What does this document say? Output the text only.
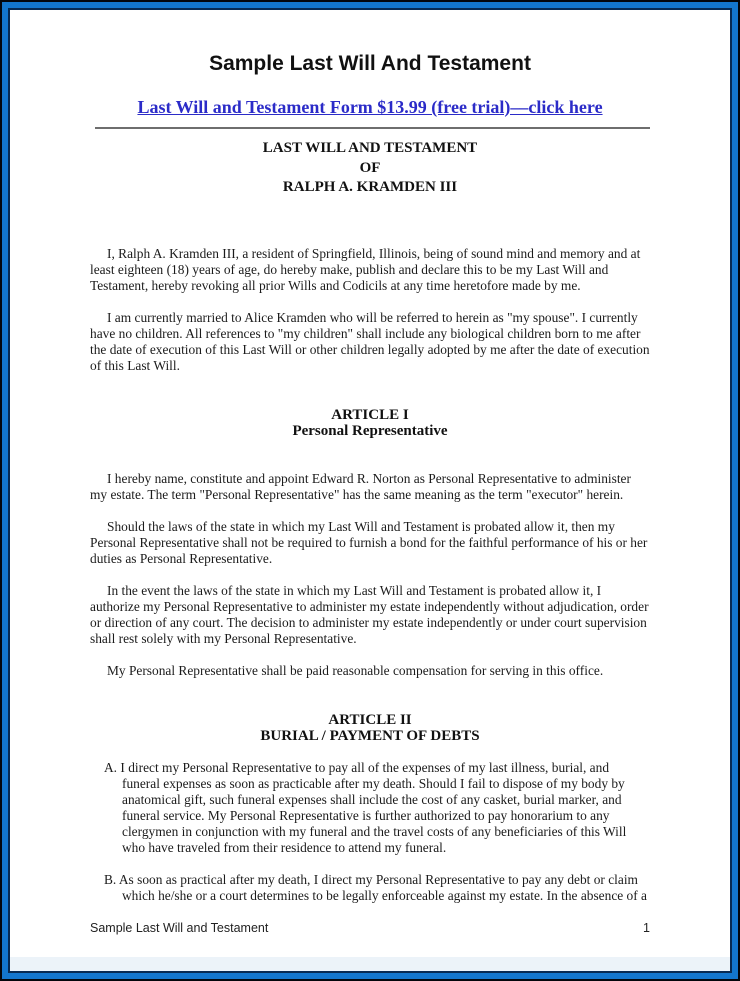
Sample Last Will And Testament
Last Will and Testament Form $13.99 (free trial)––click here
LAST WILL AND TESTAMENT
OF
RALPH A. KRAMDEN III

I, Ralph A. Kramden III, a resident of Springfield, Illinois, being of sound mind and memory and at least eighteen (18) years of age, do hereby make, publish and declare this to be my Last Will and Testament, hereby revoking all prior Wills and Codicils at any time heretofore made by me.

I am currently married to Alice Kramden who will be referred to herein as "my spouse". I currently have no children. All references to "my children" shall include any biological children born to me after the date of execution of this Last Will or other children legally adopted by me after the date of execution of this Last Will.

ARTICLE I
Personal Representative

I hereby name, constitute and appoint Edward R. Norton as Personal Representative to administer my estate. The term "Personal Representative" has the same meaning as the term "executor" herein.

Should the laws of the state in which my Last Will and Testament is probated allow it, then my Personal Representative shall not be required to furnish a bond for the faithful performance of his or her duties as Personal Representative.

In the event the laws of the state in which my Last Will and Testament is probated allow it, I authorize my Personal Representative to administer my estate independently without adjudication, order or direction of any court. The decision to administer my estate independently or under court supervision shall rest solely with my Personal Representative.

My Personal Representative shall be paid reasonable compensation for serving in this office.

ARTICLE II
BURIAL / PAYMENT OF DEBTS

A. I direct my Personal Representative to pay all of the expenses of my last illness, burial, and funeral expenses as soon as practicable after my death. Should I fail to dispose of my body by anatomical gift, such funeral expenses shall include the cost of any casket, burial marker, and funeral service. My Personal Representative is further authorized to pay honorarium to any clergymen in conjunction with my funeral and the travel costs of any beneficiaries of this Will who have traveled from their residence to attend my funeral.

B. As soon as practical after my death, I direct my Personal Representative to pay any debt or claim which he/she or a court determines to be legally enforceable against my estate. In the absence of a

Sample Last Will and Testament	1
